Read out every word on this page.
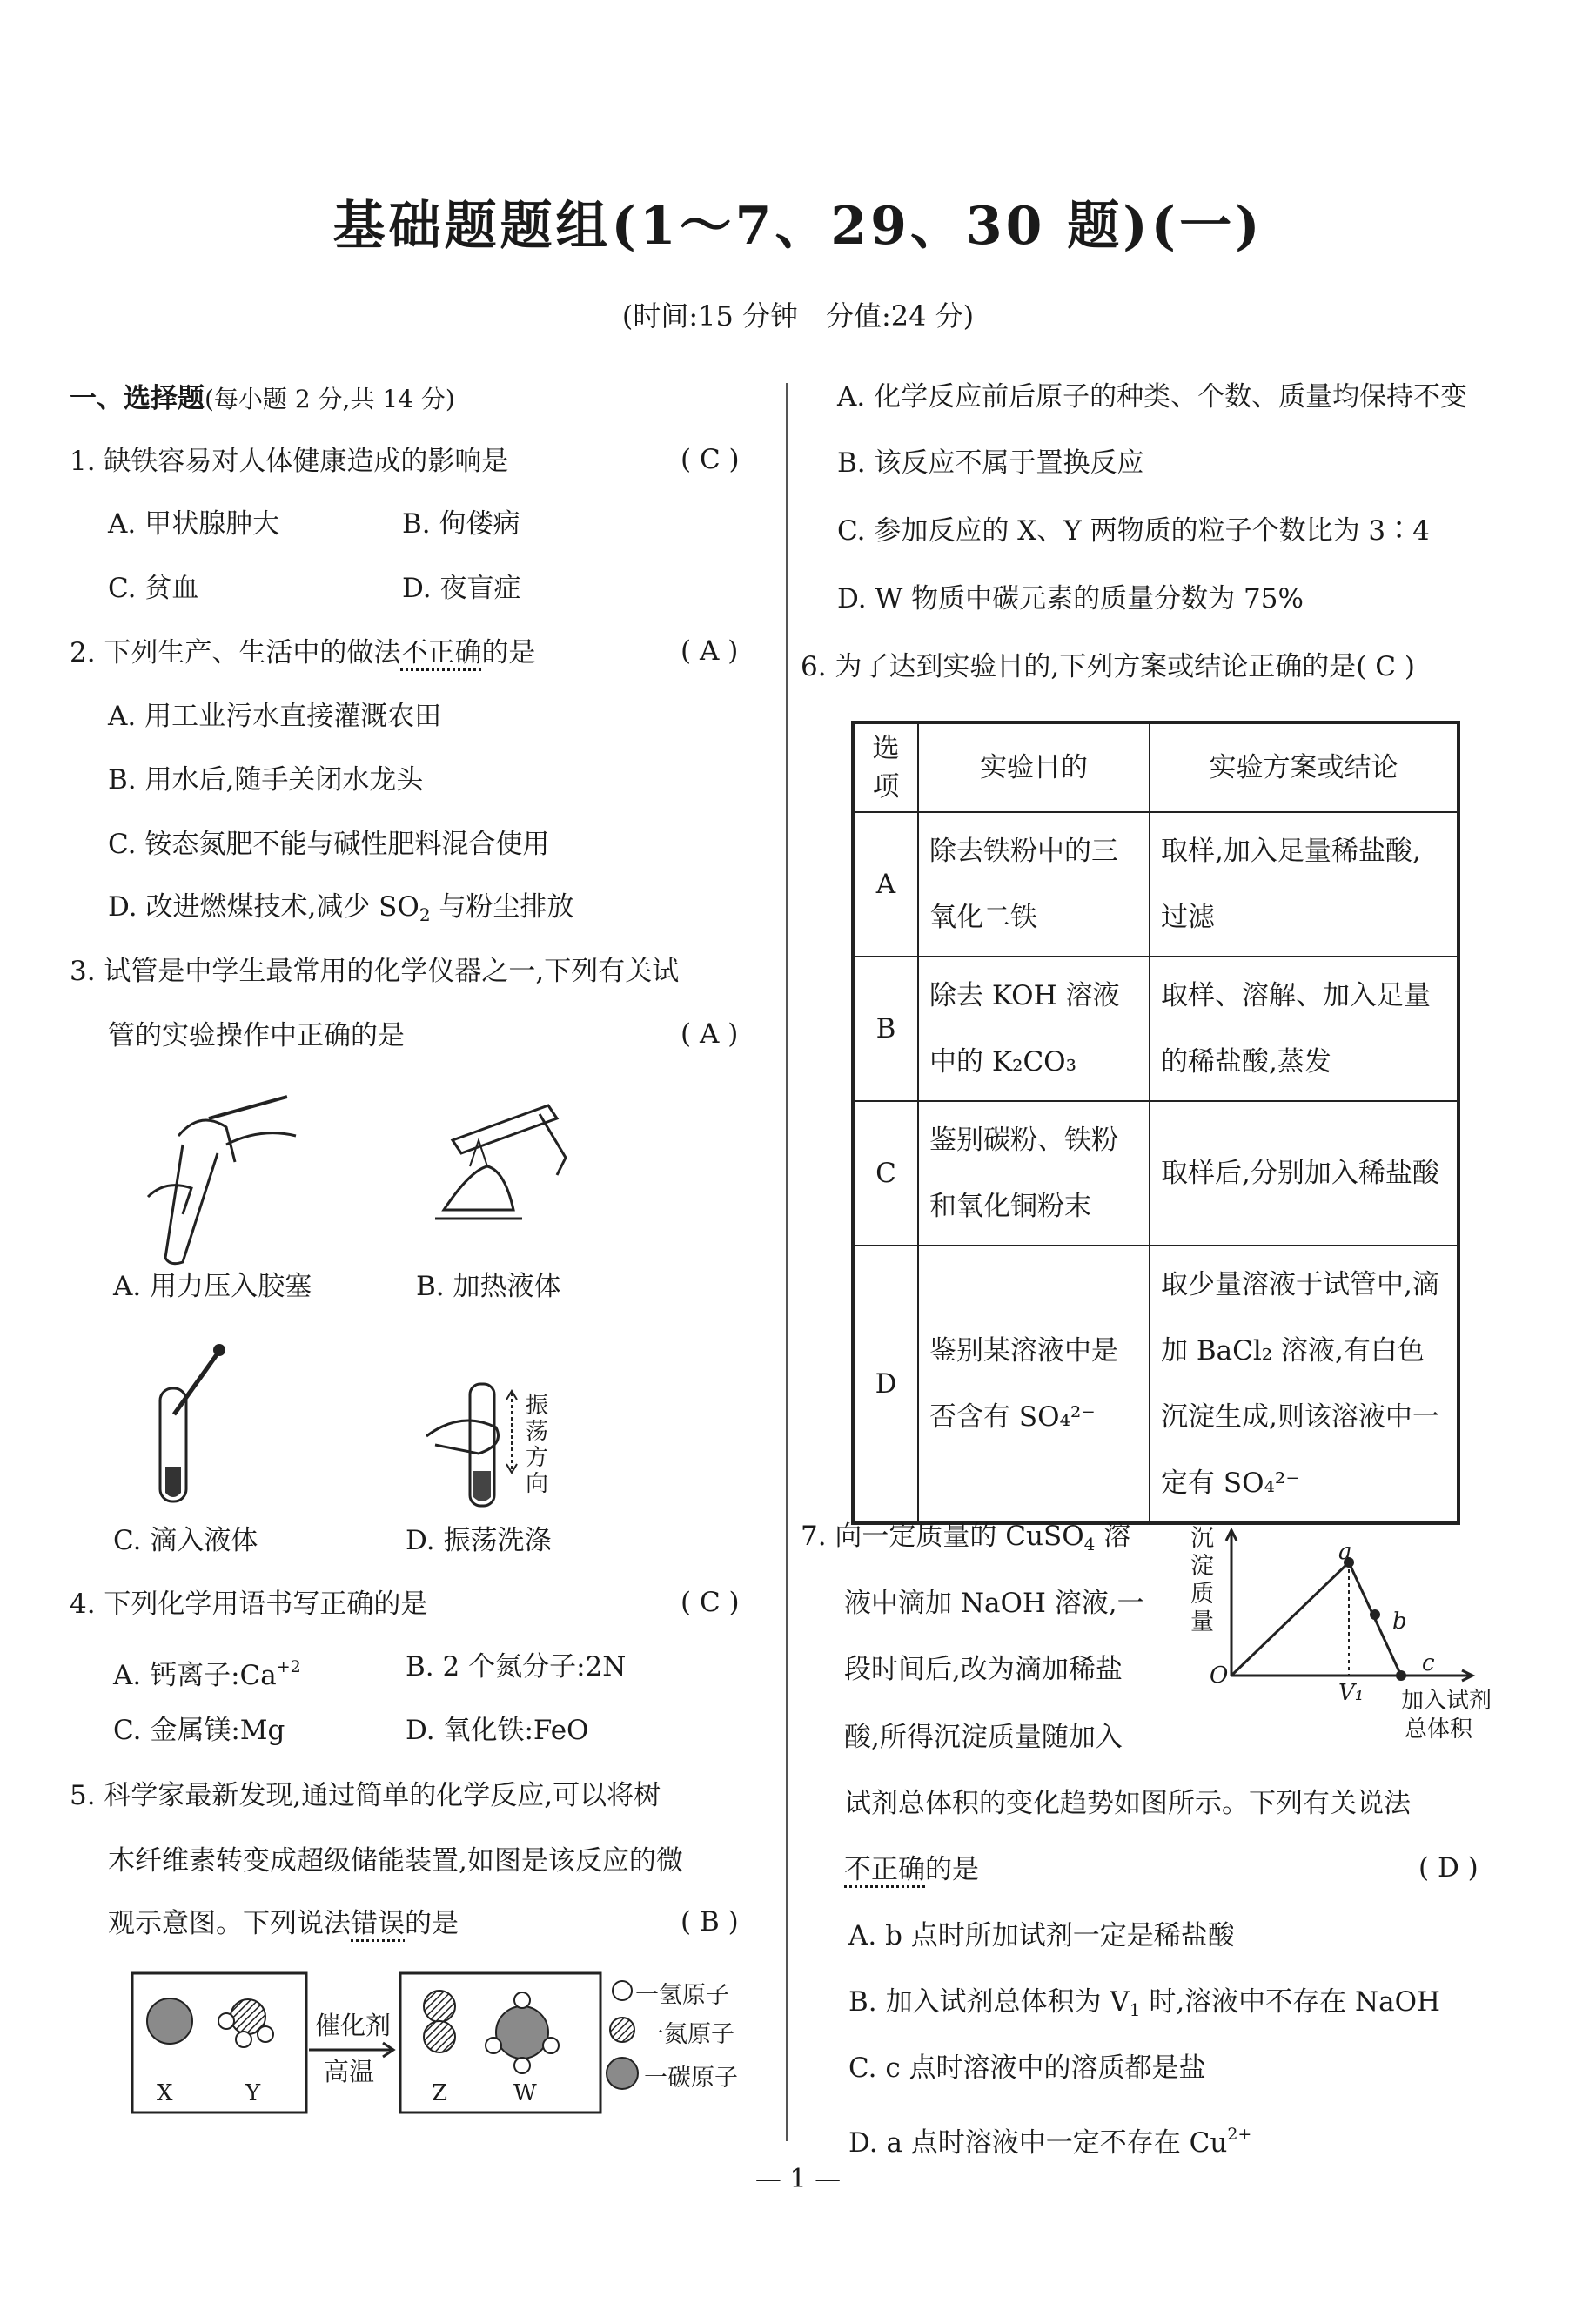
基础题题组(1～7、29、30 题)(一)
(时间:15 分钟　分值:24 分)
一、选择题(每小题 2 分,共 14 分)
1. 缺铁容易对人体健康造成的影响是	( C )
A. 甲状腺肿大	B. 佝偻病
C. 贫血	D. 夜盲症
2. 下列生产、生活中的做法不正确的是	( A )
A. 用工业污水直接灌溉农田
B. 用水后,随手关闭水龙头
C. 铵态氮肥不能与碱性肥料混合使用
D. 改进燃煤技术,减少 $SO_2$ 与粉尘排放
3. 试管是中学生最常用的化学仪器之一,下列有关试
管的实验操作中正确的是	( A )
A. 用力压入胶塞	B. 加热液体
振荡方向
C. 滴入液体	D. 振荡洗涤
4. 下列化学用语书写正确的是	( C )
A. 钙离子$:Ca^{+2}$	B. 2 个氮分子:2N
C. 金属镁:Mg	D. 氧化铁:FeO
5. 科学家最新发现,通过简单的化学反应,可以将树
木纤维素转变成超级储能装置,如图是该反应的微
观示意图。下列说法错误的是	( B )
催化剂
高温
X	Y	Z	W
一氢原子
一氮原子
一碳原子
A. 化学反应前后原子的种类、个数、质量均保持不变
B. 该反应不属于置换反应
C. 参加反应的 X、Y 两物质的粒子个数比为 3∶4
D. W 物质中碳元素的质量分数为 75%
6. 为了达到实验目的,下列方案或结论正确的是( C )
选项	实验目的	实验方案或结论
A	除去铁粉中的三氧化二铁	取样,加入足量稀盐酸,过滤
B	除去 KOH 溶液中的 K₂CO₃	取样、溶解、加入足量的稀盐酸,蒸发
C	鉴别碳粉、铁粉和氧化铜粉末	取样后,分别加入稀盐酸
D	鉴别某溶液中是否含有 SO₄²⁻	取少量溶液于试管中,滴加 BaCl₂ 溶液,有白色沉淀生成,则该溶液中一定有 SO₄²⁻
7. 向一定质量的 CuSO$_4$ 溶
液中滴加 NaOH 溶液,一
段时间后,改为滴加稀盐
酸,所得沉淀质量随加入
试剂总体积的变化趋势如图所示。下列有关说法
不正确的是	( D )
沉淀质量
O
a
b
c
V₁ 加入试剂
总体积
A. b 点时所加试剂一定是稀盐酸
B. 加入试剂总体积为 $V_1$ 时,溶液中不存在 NaOH
C. c 点时溶液中的溶质都是盐
D. a 点时溶液中一定不存在 $Cu^{2+}$
— 1 —
